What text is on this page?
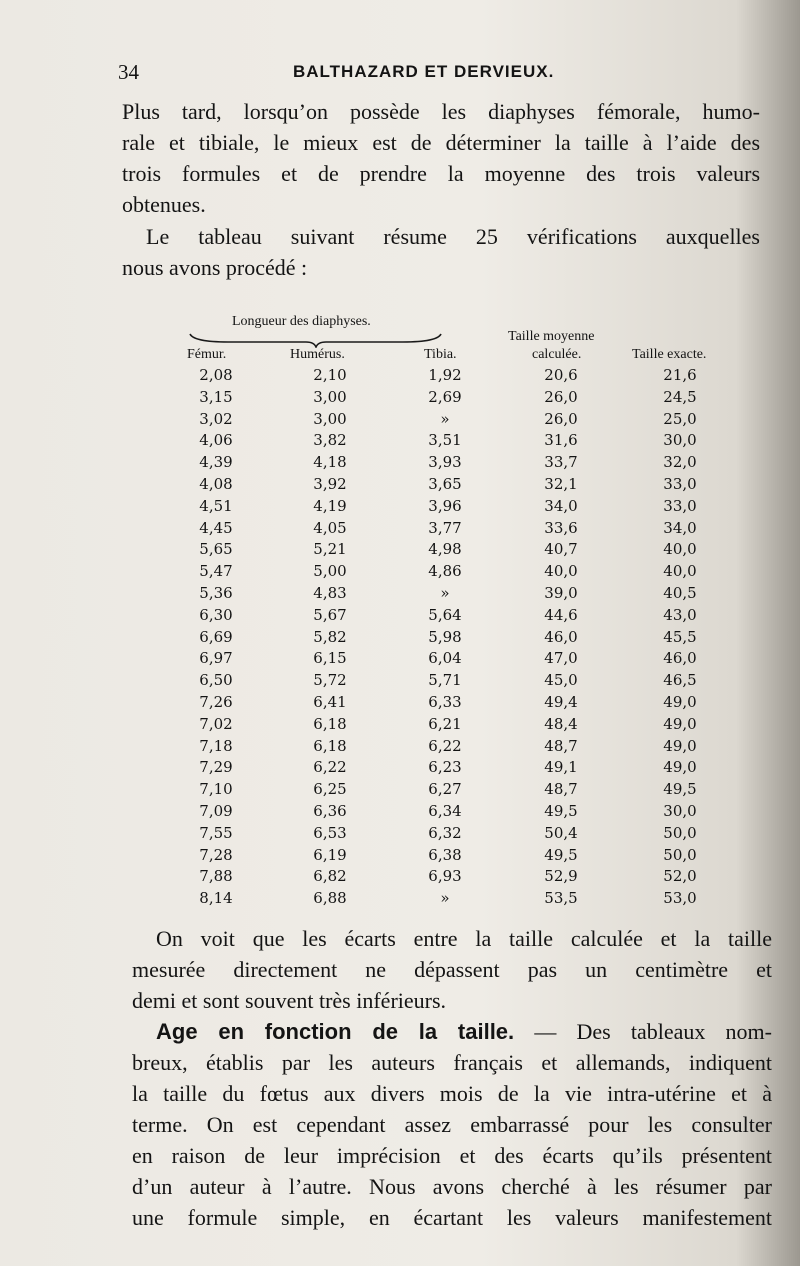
34	BALTHAZARD ET DERVIEUX.
Plus tard, lorsqu’on possède les diaphyses fémorale, humo-
rale et tibiale, le mieux est de déterminer la taille à l’aide des
trois formules et de prendre la moyenne des trois valeurs
obtenues.
Le tableau suivant résume 25 vérifications auxquelles
nous avons procédé :
Longueur des diaphyses.
Fémur.	Humérus.	Tibia.
Taille moyenne
calculée.	Taille exacte.
2,08	2,10	1,92	20,6	21,6
3,15	3,00	2,69	26,0	24,5
3,02	3,00	»	26,0	25,0
4,06	3,82	3,51	31,6	30,0
4,39	4,18	3,93	33,7	32,0
4,08	3,92	3,65	32,1	33,0
4,51	4,19	3,96	34,0	33,0
4,45	4,05	3,77	33,6	34,0
5,65	5,21	4,98	40,7	40,0
5,47	5,00	4,86	40,0	40,0
5,36	4,83	»	39,0	40,5
6,30	5,67	5,64	44,6	43,0
6,69	5,82	5,98	46,0	45,5
6,97	6,15	6,04	47,0	46,0
6,50	5,72	5,71	45,0	46,5
7,26	6,41	6,33	49,4	49,0
7,02	6,18	6,21	48,4	49,0
7,18	6,18	6,22	48,7	49,0
7,29	6,22	6,23	49,1	49,0
7,10	6,25	6,27	48,7	49,5
7,09	6,36	6,34	49,5	30,0
7,55	6,53	6,32	50,4	50,0
7,28	6,19	6,38	49,5	50,0
7,88	6,82	6,93	52,9	52,0
8,14	6,88	»	53,5	53,0
On voit que les écarts entre la taille calculée et la taille
mesurée directement ne dépassent pas un centimètre et
demi et sont souvent très inférieurs.
Age en fonction de la taille. — Des tableaux nom-
breux, établis par les auteurs français et allemands, indiquent
la taille du fœtus aux divers mois de la vie intra-utérine et à
terme. On est cependant assez embarrassé pour les consulter
en raison de leur imprécision et des écarts qu’ils présentent
d’un auteur à l’autre. Nous avons cherché à les résumer par
une formule simple, en écartant les valeurs manifestement
